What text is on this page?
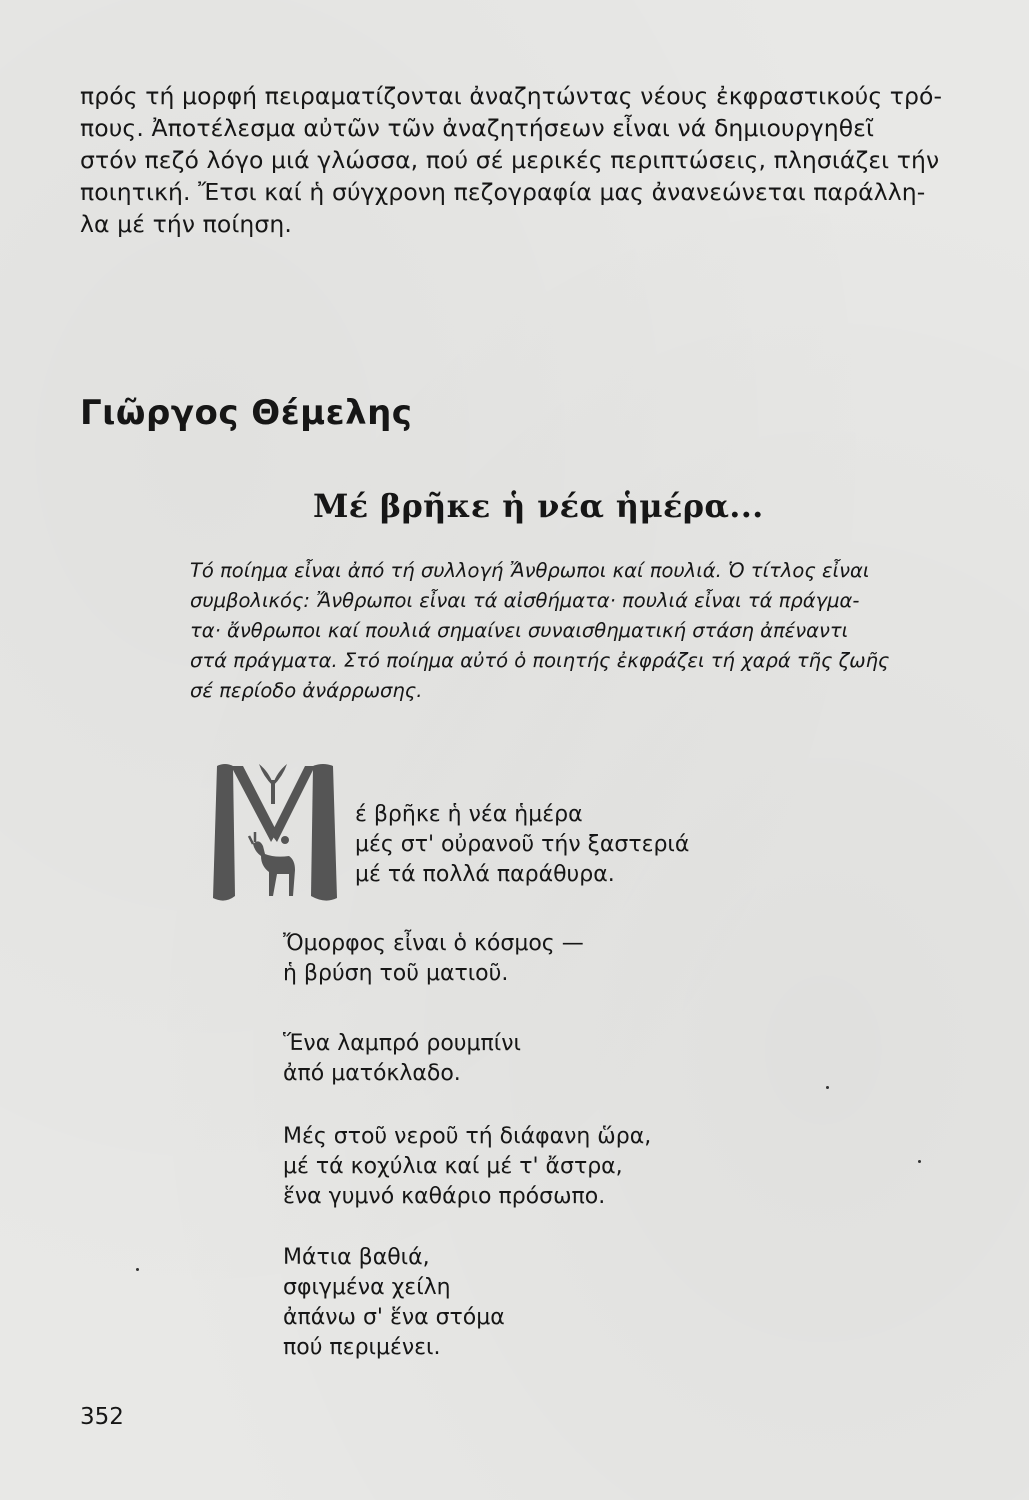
πρός τή μορφή πειραματίζονται ἀναζητώντας νέους ἐκφραστικούς τρό-

πους. Ἀποτέλεσμα αὐτῶν τῶν ἀναζητήσεων εἶναι νά δημιουργηθεῖ

στόν πεζό λόγο μιά γλώσσα, πού σέ μερικές περιπτώσεις, πλησιάζει τήν

ποιητική. Ἔτσι καί ἡ σύγχρονη πεζογραφία μας ἀνανεώνεται παράλλη-

λα μέ τήν ποίηση.

Γιῶργος Θέμελης
Μέ βρῆκε ἡ νέα ἡμέρα...

Τό ποίημα εἶναι ἀπό τή συλλογή Ἄνθρωποι καί πουλιά. Ὁ τίτλος εἶναι

συμβολικός: Ἄνθρωποι εἶναι τά αἰσθήματα· πουλιά εἶναι τά πράγμα-

τα· ἄνθρωποι καί πουλιά σημαίνει συναισθηματική στάση ἀπέναντι

στά πράγματα. Στό ποίημα αὐτό ὁ ποιητής ἐκφράζει τή χαρά τῆς ζωῆς

σέ περίοδο ἀνάρρωσης.

έ βρῆκε ἡ νέα ἡμέρα

μές στ' οὐρανοῦ τήν ξαστεριά

μέ τά πολλά παράθυρα.

Ὄμορφος εἶναι ὁ κόσμος —

ἡ βρύση τοῦ ματιοῦ.

Ἕνα λαμπρό ρουμπίνι

ἀπό ματόκλαδο.

Μές στοῦ νεροῦ τή διάφανη ὥρα,

μέ τά κοχύλια καί μέ τ' ἄστρα,

ἕνα γυμνό καθάριο πρόσωπο.

Μάτια βαθιά,

σφιγμένα χείλη

ἀπάνω σ' ἕνα στόμα

πού περιμένει.

352
